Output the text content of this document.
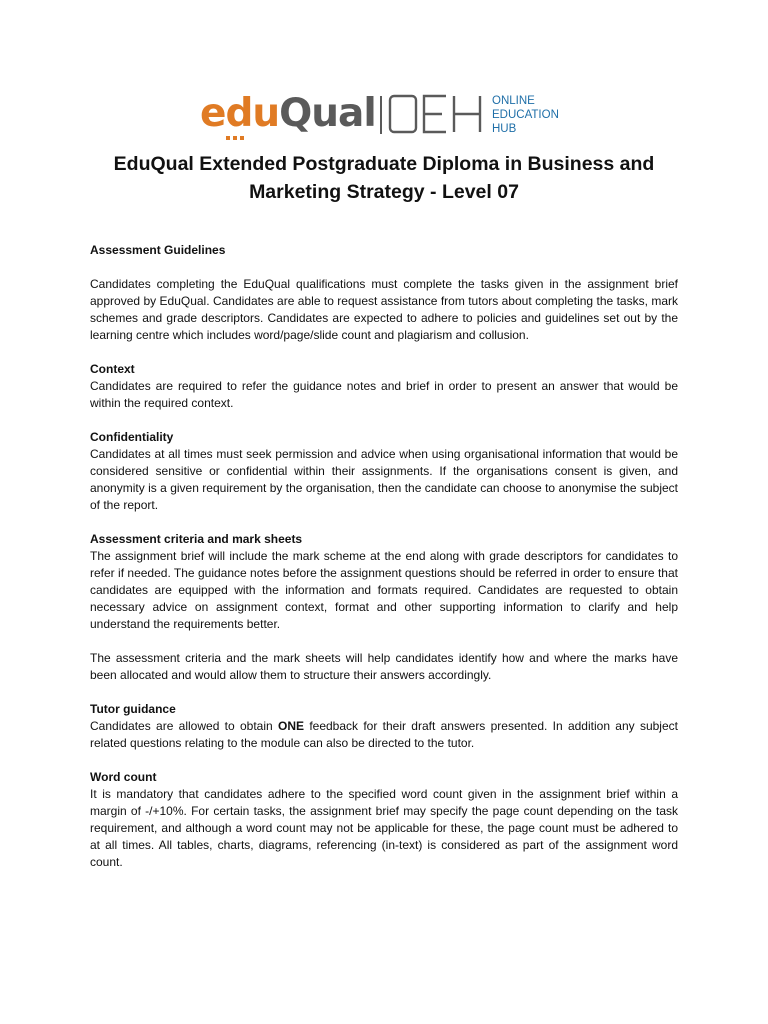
eduQual	ONLINE
EDUCATION
HUB
EduQual Extended Postgraduate Diploma in Business and
Marketing Strategy - Level 07
Assessment Guidelines

Candidates completing the EduQual qualifications must complete the tasks given in the assignment brief approved by EduQual. Candidates are able to request assistance from tutors about completing the tasks, mark schemes and grade descriptors. Candidates are expected to adhere to policies and guidelines set out by the learning centre which includes word/page/slide count and plagiarism and collusion.

Context

Candidates are required to refer the guidance notes and brief in order to present an answer that would be within the required context.

Confidentiality

Candidates at all times must seek permission and advice when using organisational information that would be considered sensitive or confidential within their assignments. If the organisations consent is given, and anonymity is a given requirement by the organisation, then the candidate can choose to anonymise the subject of the report.

Assessment criteria and mark sheets

The assignment brief will include the mark scheme at the end along with grade descriptors for candidates to refer if needed. The guidance notes before the assignment questions should be referred in order to ensure that candidates are equipped with the information and formats required. Candidates are requested to obtain necessary advice on assignment context, format and other supporting information to clarify and help understand the requirements better.

The assessment criteria and the mark sheets will help candidates identify how and where the marks have been allocated and would allow them to structure their answers accordingly.

Tutor guidance

Candidates are allowed to obtain ONE feedback for their draft answers presented. In addition any subject related questions relating to the module can also be directed to the tutor.

Word count

It is mandatory that candidates adhere to the specified word count given in the assignment brief within a margin of -/+10%. For certain tasks, the assignment brief may specify the page count depending on the task requirement, and although a word count may not be applicable for these, the page count must be adhered to at all times. All tables, charts, diagrams, referencing (in-text) is considered as part of the assignment word count.
